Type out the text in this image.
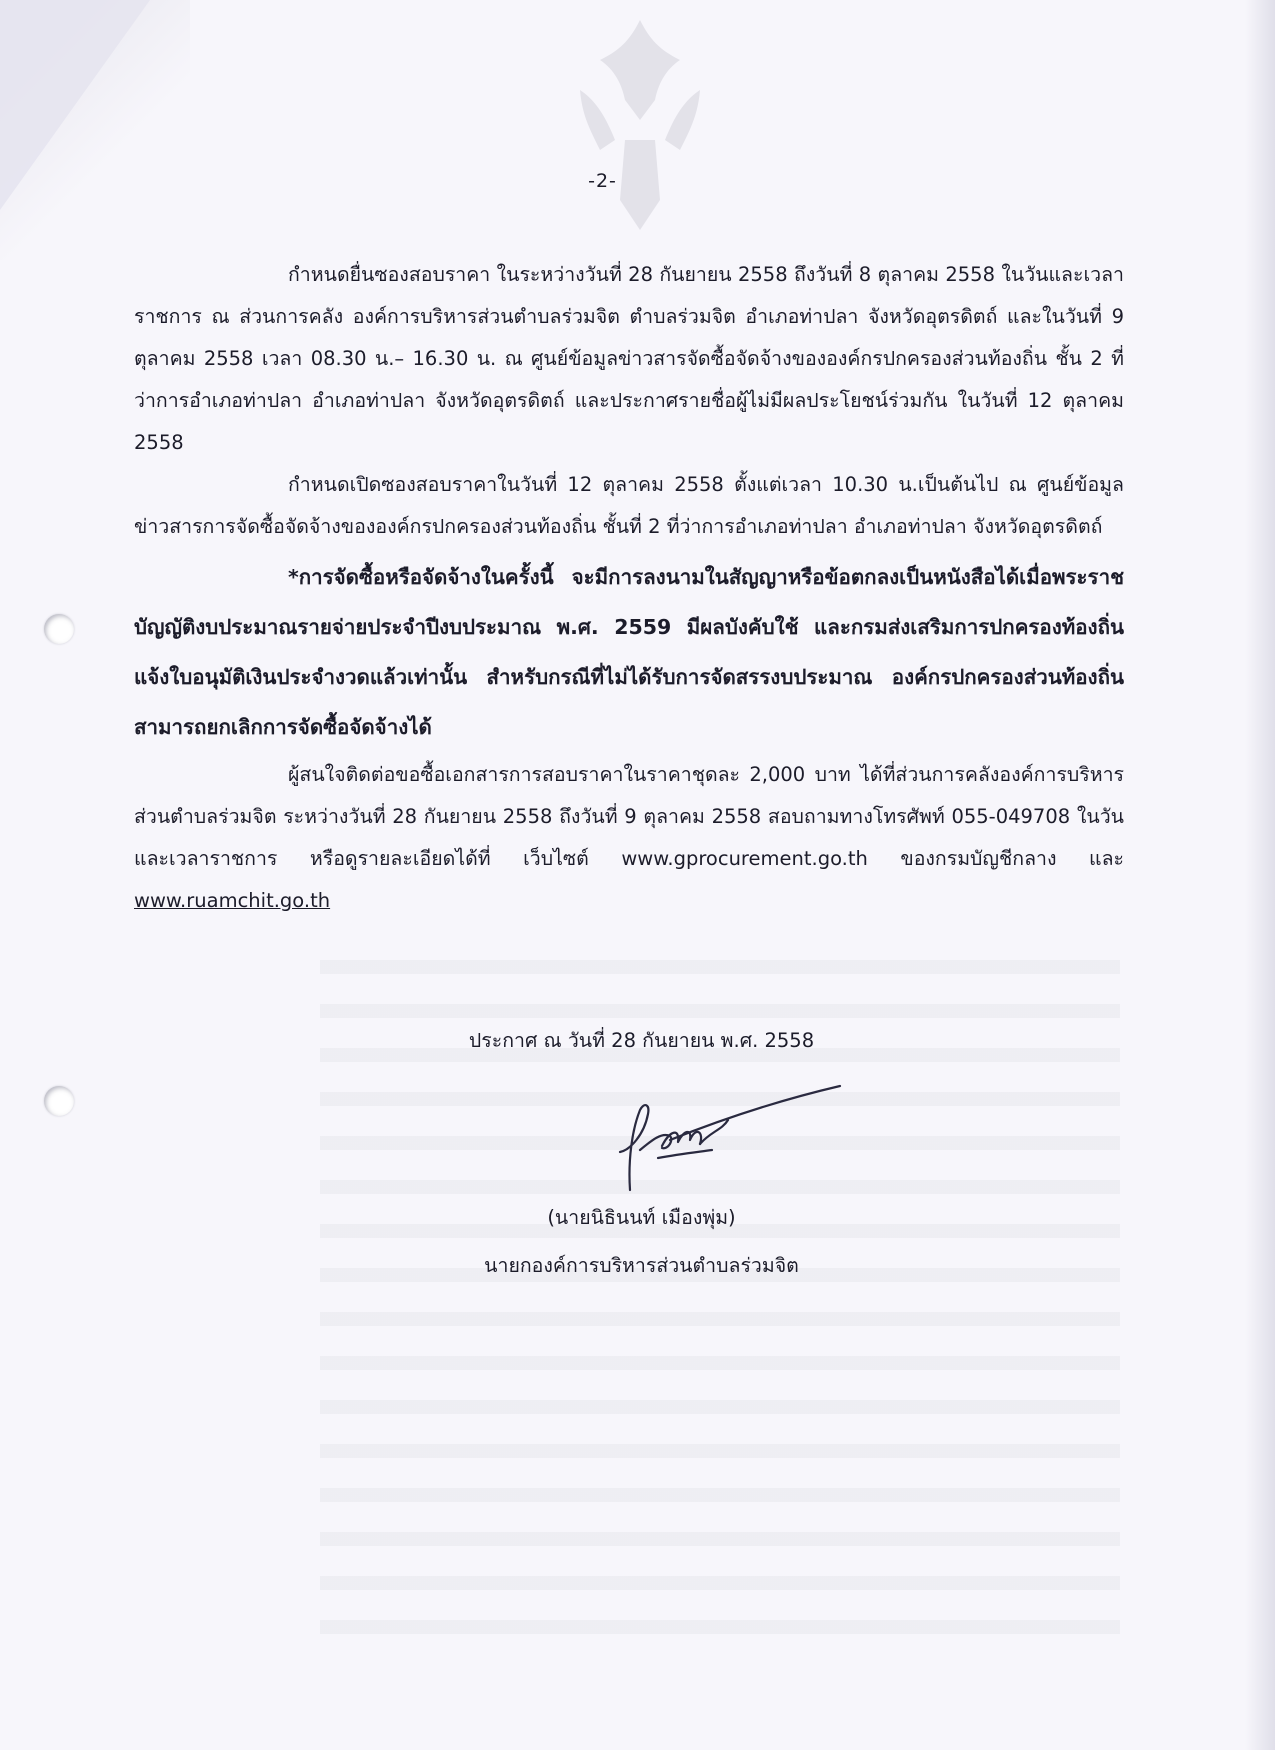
-2-

กำหนดยื่นซองสอบราคา ในระหว่างวันที่ 28 กันยายน 2558 ถึงวันที่ 8 ตุลาคม 2558 ในวันและเวลาราชการ ณ ส่วนการคลัง องค์การบริหารส่วนตำบลร่วมจิต ตำบลร่วมจิต อำเภอท่าปลา จังหวัดอุตรดิตถ์ และในวันที่ 9 ตุลาคม 2558 เวลา 08.30 น.– 16.30 น. ณ ศูนย์ข้อมูลข่าวสารจัดซื้อจัดจ้างขององค์กรปกครองส่วนท้องถิ่น ชั้น 2 ที่ว่าการอำเภอท่าปลา อำเภอท่าปลา จังหวัดอุตรดิตถ์ และประกาศรายชื่อผู้ไม่มีผลประโยชน์ร่วมกัน ในวันที่ 12 ตุลาคม 2558

กำหนดเปิดซองสอบราคาในวันที่ 12 ตุลาคม 2558 ตั้งแต่เวลา 10.30 น.เป็นต้นไป ณ ศูนย์ข้อมูลข่าวสารการจัดซื้อจัดจ้างขององค์กรปกครองส่วนท้องถิ่น ชั้นที่ 2 ที่ว่าการอำเภอท่าปลา อำเภอท่าปลา จังหวัดอุตรดิตถ์

*การจัดซื้อหรือจัดจ้างในครั้งนี้ จะมีการลงนามในสัญญาหรือข้อตกลงเป็นหนังสือได้เมื่อพระราชบัญญัติงบประมาณรายจ่ายประจำปีงบประมาณ พ.ศ. 2559 มีผลบังคับใช้ และกรมส่งเสริมการปกครองท้องถิ่นแจ้งใบอนุมัติเงินประจำงวดแล้วเท่านั้น สำหรับกรณีที่ไม่ได้รับการจัดสรรงบประมาณ องค์กรปกครองส่วนท้องถิ่นสามารถยกเลิกการจัดซื้อจัดจ้างได้

ผู้สนใจติดต่อขอซื้อเอกสารการสอบราคาในราคาชุดละ 2,000 บาท ได้ที่ส่วนการคลังองค์การบริหารส่วนตำบลร่วมจิต ระหว่างวันที่ 28 กันยายน 2558 ถึงวันที่ 9 ตุลาคม 2558 สอบถามทางโทรศัพท์ 055-049708 ในวันและเวลาราชการ หรือดูรายละเอียดได้ที่ เว็บไซต์ www.gprocurement.go.th ของกรมบัญชีกลาง และ www.ruamchit.go.th

ประกาศ ณ วันที่ 28 กันยายน พ.ศ. 2558
(นายนิธินนท์ เมืองพุ่ม)
นายกองค์การบริหารส่วนตำบลร่วมจิต
